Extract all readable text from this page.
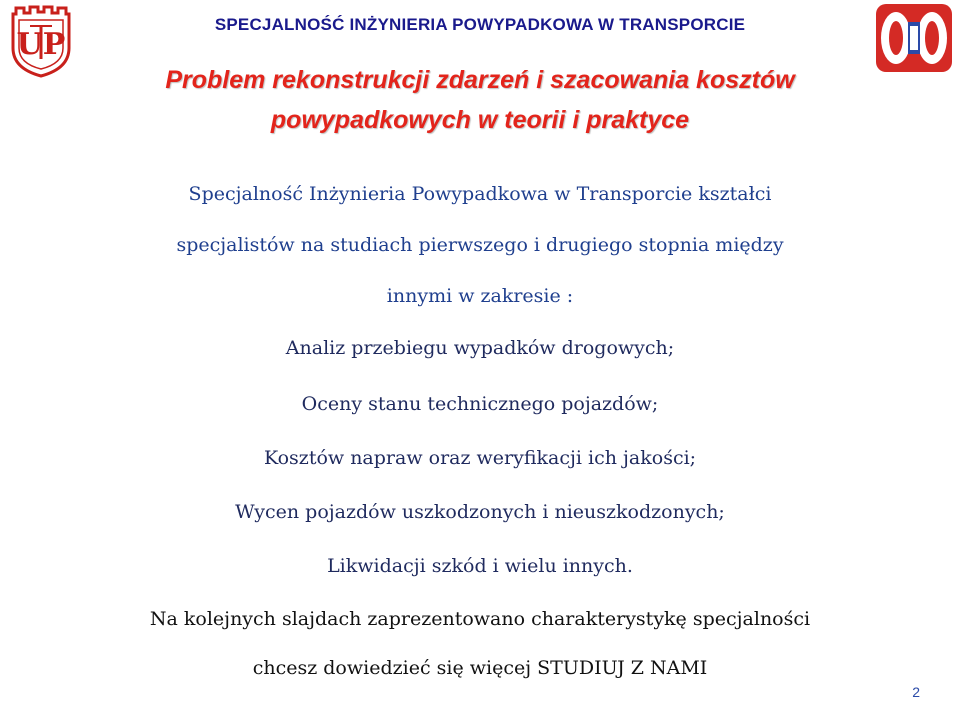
SPECJALNOŚĆ INŻYNIERIA POWYPADKOWA W TRANSPORCIE
UP
Problem rekonstrukcji zdarzeń i szacowania kosztów
powypadkowych w teorii i praktyce
Specjalność Inżynieria Powypadkowa w Transporcie kształci
specjalistów na studiach pierwszego i drugiego stopnia między
innymi w zakresie :
Analiz przebiegu wypadków drogowych;
Oceny stanu technicznego pojazdów;
Kosztów napraw oraz weryfikacji ich jakości;
Wycen pojazdów uszkodzonych i nieuszkodzonych;
Likwidacji szkód i wielu innych.
Na kolejnych slajdach zaprezentowano charakterystykę specjalności
chcesz dowiedzieć się więcej STUDIUJ Z NAMI
2
